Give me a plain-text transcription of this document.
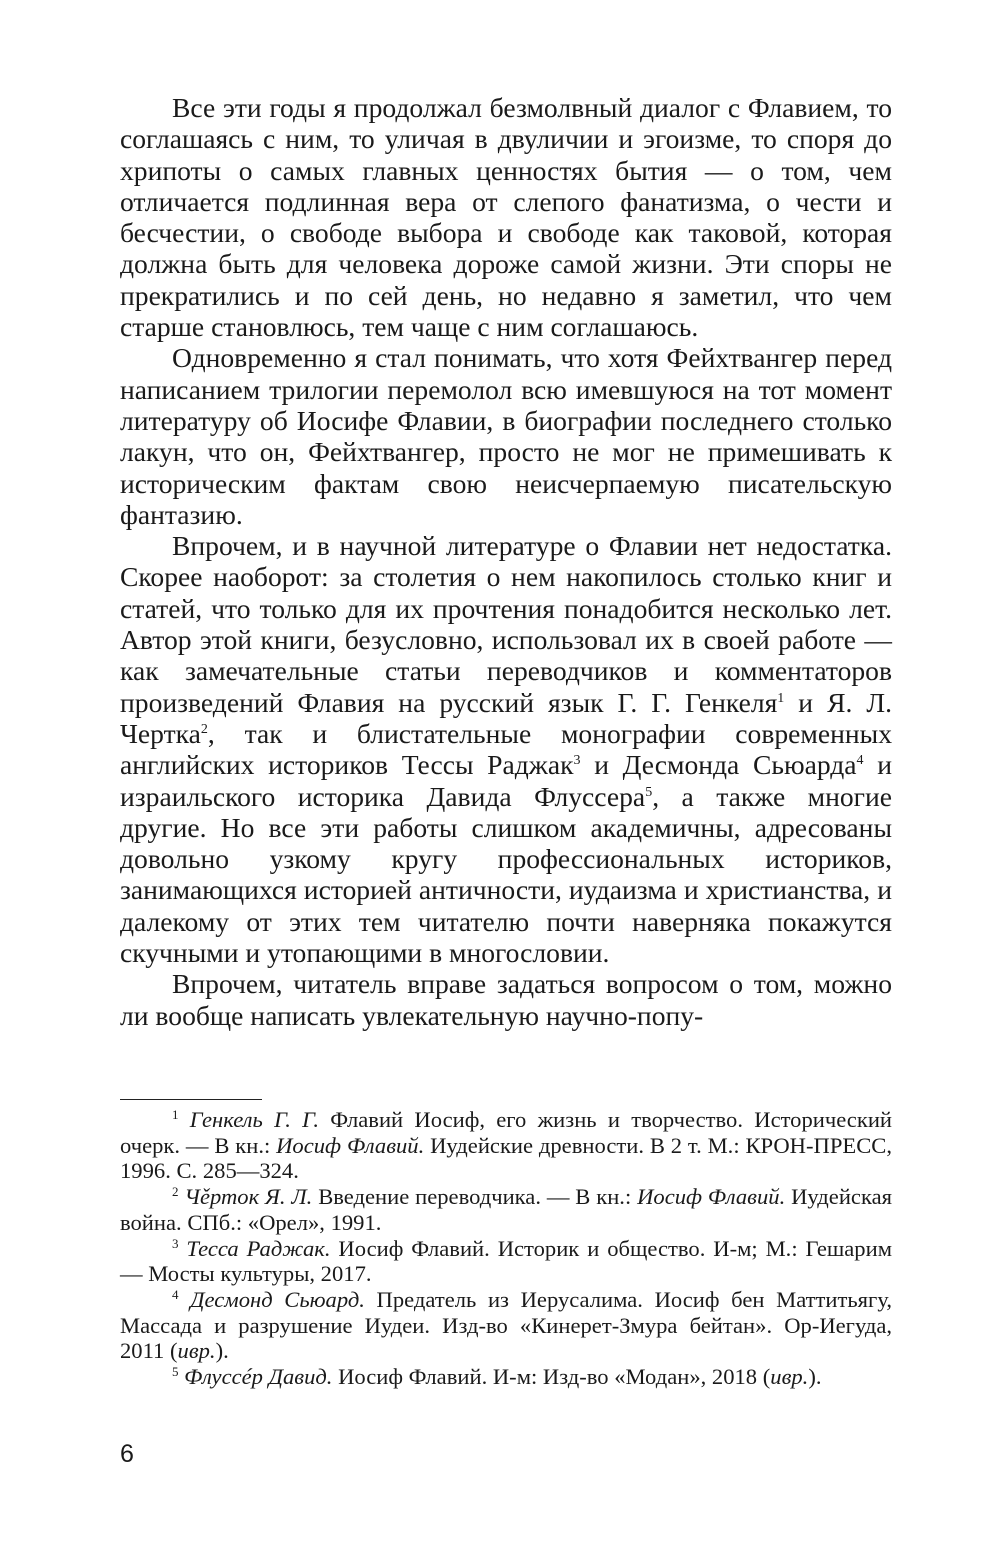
Все эти годы я продолжал безмолвный диалог с Флавием, то соглашаясь с ним, то уличая в двуличии и эгоизме, то споря до хрипоты о самых главных ценностях бытия — о том, чем отличается подлинная вера от слепого фанатизма, о чести и бесчестии, о свободе выбора и свободе как таковой, которая должна быть для человека дороже самой жизни. Эти споры не прекратились и по сей день, но недавно я заметил, что чем старше становлюсь, тем чаще с ним соглашаюсь.

Одновременно я стал понимать, что хотя Фейхтвангер перед написанием трилогии перемолол всю имевшуюся на тот момент литературу об Иосифе Флавии, в биографии последнего столько лакун, что он, Фейхтвангер, просто не мог не примешивать к историческим фактам свою неисчерпаемую писательскую фантазию.

Впрочем, и в научной литературе о Флавии нет недостатка. Скорее наоборот: за столетия о нем накопилось столько книг и статей, что только для их прочтения понадобится несколько лет. Автор этой книги, безусловно, использовал их в своей работе — как замечательные статьи переводчиков и комментаторов произведений Флавия на русский язык Г. Г. Генкеля$^1$ и Я. Л. Чертка$^2$, так и блистательные монографии современных английских историков Тессы Раджак$^3$ и Десмонда Сьюарда$^4$ и израильского историка Давида Флуссера$^5$, а также многие другие. Но все эти работы слишком академичны, адресованы довольно узкому кругу профессиональных историков, занимающихся историей античности, иудаизма и христианства, и далекому от этих тем читателю почти наверняка покажутся скучными и утопающими в многословии.

Впрочем, читатель вправе задаться вопросом о том, можно ли вообще написать увлекательную научно-попу-

$^1$ Генкель Г. Г. Флавий Иосиф, его жизнь и творчество. Исторический очерк. — В кн.: Иосиф Флавий. Иудейские древности. В 2 т. М.: КРОН-ПРЕСС, 1996. С. 285—324.

$^2$ Чěрток Я. Л. Введение переводчика. — В кн.: Иосиф Флавий. Иудейская война. СПб.: «Орел», 1991.

$^3$ Тесса Раджак. Иосиф Флавий. Историк и общество. И-м; М.: Гешарим — Мосты культуры, 2017.

$^4$ Десмонд Сьюард. Предатель из Иерусалима. Иосиф бен Маттитьягу, Массада и разрушение Иудеи. Изд-во «Кинерет-Змура бейтан». Ор-Иегуда, 2011 (ивр.).

$^5$ Флуссéр Давид. Иосиф Флавий. И-м: Изд-во «Модан», 2018 (ивр.).

6
